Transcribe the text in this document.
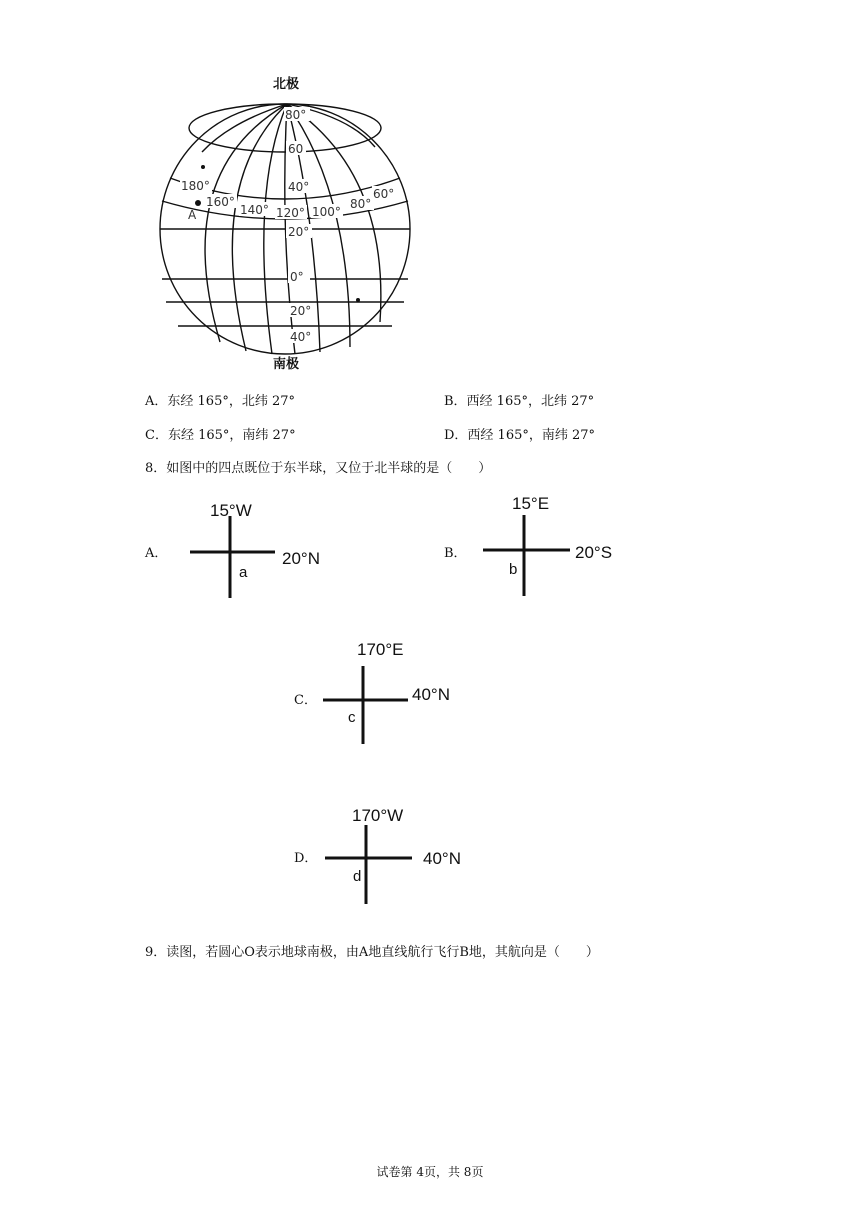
北极
南极
80°
60
40°
20°
0°
20°
40°
180°
160°
140° 120° 100°
80°
60°
A
A．东经 165°，北纬 27°	B．西经 165°，北纬 27°
C．东经 165°，南纬 27°	D．西经 165°，南纬 27°
8．如图中的四点既位于东半球，又位于北半球的是（　　）
A．
15°W
20°N
a
B．
15°E
20°S
b
C．
170°E
40°N
c
D．
170°W
40°N
d
9．读图，若圆心O表示地球南极，由A地直线航行飞行B地，其航向是（　　）
试卷第 4页，共 8页
